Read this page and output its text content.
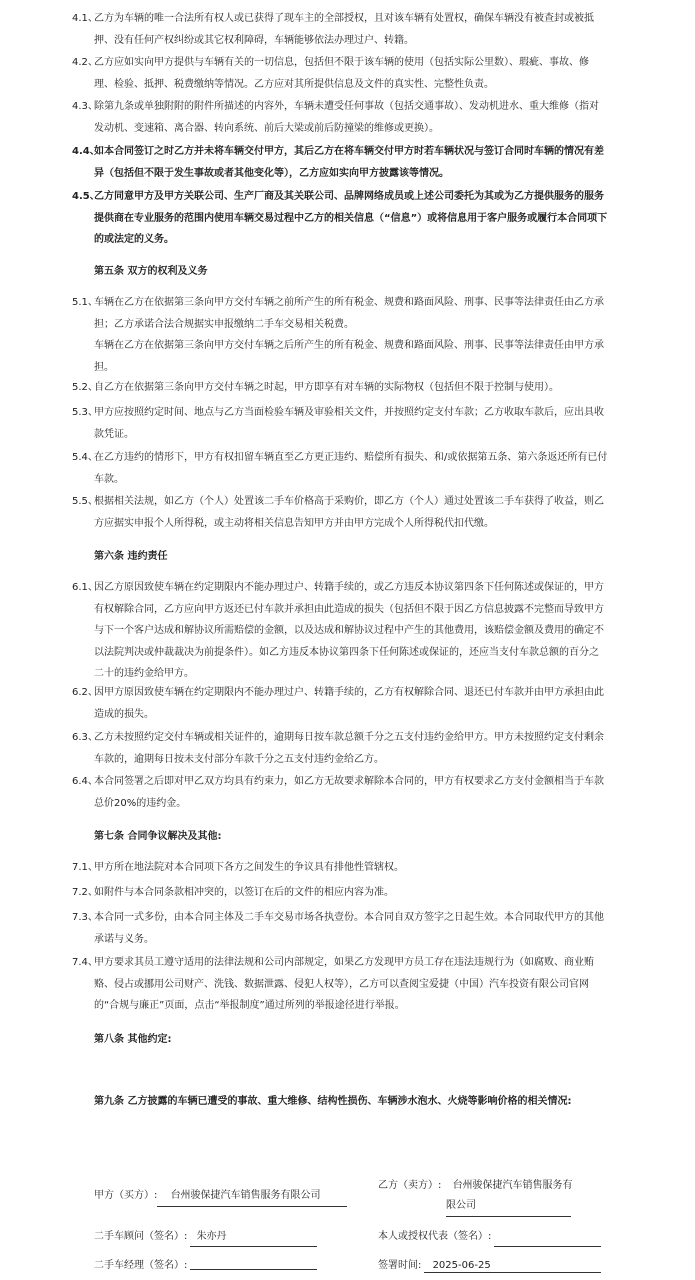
4.1、

乙方为车辆的唯一合法所有权人或已获得了现车主的全部授权，且对该车辆有处置权，确保车辆没有被查封或被抵押、没有任何产权纠纷或其它权利障碍，车辆能够依法办理过户、转籍。

4.2、

乙方应如实向甲方提供与车辆有关的一切信息，包括但不限于该车辆的使用（包括实际公里数）、瑕疵、事故、修理、检验、抵押、税费缴纳等情况。乙方应对其所提供信息及文件的真实性、完整性负责。

4.3、

除第九条或单独附附的附件所描述的内容外，车辆未遭受任何事故（包括交通事故）、发动机进水、重大维修（指对发动机、变速箱、离合器、转向系统、前后大梁或前后防撞梁的维修或更换）。

4.4、

如本合同签订之时乙方并未将车辆交付甲方，其后乙方在将车辆交付甲方时若车辆状况与签订合同时车辆的情况有差异（包括但不限于发生事故或者其他变化等），乙方应如实向甲方披露该等情况。

4.5、

乙方同意甲方及甲方关联公司、生产厂商及其关联公司、品牌网络成员或上述公司委托为其或为乙方提供服务的服务提供商在专业服务的范围内使用车辆交易过程中乙方的相关信息（“信息”）或将信息用于客户服务或履行本合同项下的或法定的义务。

第五条 双方的权利及义务
5.1、

车辆在乙方在依据第三条向甲方交付车辆之前所产生的所有税金、规费和路面风险、刑事、民事等法律责任由乙方承担；乙方承诺合法合规据实申报缴纳二手车交易相关税费。

车辆在乙方在依据第三条向甲方交付车辆之后所产生的所有税金、规费和路面风险、刑事、民事等法律责任由甲方承担。

5.2、

自乙方在依据第三条向甲方交付车辆之时起，甲方即享有对车辆的实际物权（包括但不限于控制与使用）。

5.3、

甲方应按照约定时间、地点与乙方当面检验车辆及审验相关文件，并按照约定支付车款；乙方收取车款后，应出具收款凭证。

5.4、

在乙方违约的情形下，甲方有权扣留车辆直至乙方更正违约、赔偿所有损失、和/或依据第五条、第六条返还所有已付车款。

5.5、

根据相关法规，如乙方（个人）处置该二手车价格高于采购价，即乙方（个人）通过处置该二手车获得了收益，则乙方应据实申报个人所得税，或主动将相关信息告知甲方并由甲方完成个人所得税代扣代缴。

第六条 违约责任
6.1、

因乙方原因致使车辆在约定期限内不能办理过户、转籍手续的，或乙方违反本协议第四条下任何陈述或保证的，甲方有权解除合同，乙方应向甲方返还已付车款并承担由此造成的损失（包括但不限于因乙方信息披露不完整而导致甲方与下一个客户达成和解协议所需赔偿的金额，以及达成和解协议过程中产生的其他费用，该赔偿金额及费用的确定不以法院判决或仲裁裁决为前提条件）。如乙方违反本协议第四条下任何陈述或保证的，还应当支付车款总额的百分之二十的违约金给甲方。

6.2、

因甲方原因致使车辆在约定期限内不能办理过户、转籍手续的，乙方有权解除合同、退还已付车款并由甲方承担由此造成的损失。

6.3、

乙方未按照约定交付车辆或相关证件的，逾期每日按车款总额千分之五支付违约金给甲方。甲方未按照约定支付剩余车款的，逾期每日按未支付部分车款千分之五支付违约金给乙方。

6.4、

本合同签署之后即对甲乙双方均具有约束力，如乙方无故要求解除本合同的，甲方有权要求乙方支付金额相当于车款总价20%的违约金。

第七条 合同争议解决及其他:
7.1、

甲方所在地法院对本合同项下各方之间发生的争议具有排他性管辖权。

7.2、

如附件与本合同条款相冲突的，以签订在后的文件的相应内容为准。

7.3、

本合同一式多份，由本合同主体及二手车交易市场各执壹份。本合同自双方签字之日起生效。本合同取代甲方的其他承诺与义务。

7.4、

甲方要求其员工遵守适用的法律法规和公司内部规定，如果乙方发现甲方员工存在违法违规行为（如腐败、商业贿赂、侵占或挪用公司财产、洗钱、数据泄露、侵犯人权等），乙方可以查阅宝爱捷（中国）汽车投资有限公司官网的“合规与廉正”页面，点击“举报制度”通过所列的举报途径进行举报。

第八条 其他约定:
第九条 乙方披露的车辆已遭受的事故、重大维修、结构性损伤、车辆涉水泡水、火烧等影响价格的相关情况:
甲方（买方）: 台州骏保捷汽车销售服务有限公司
乙方（卖方）: 台州骏保捷汽车销售服务有
限公司
二手车顾问（签名）: 朱亦丹	本人或授权代表（签名）:
二手车经理（签名）:	签署时间: 2025-06-25
